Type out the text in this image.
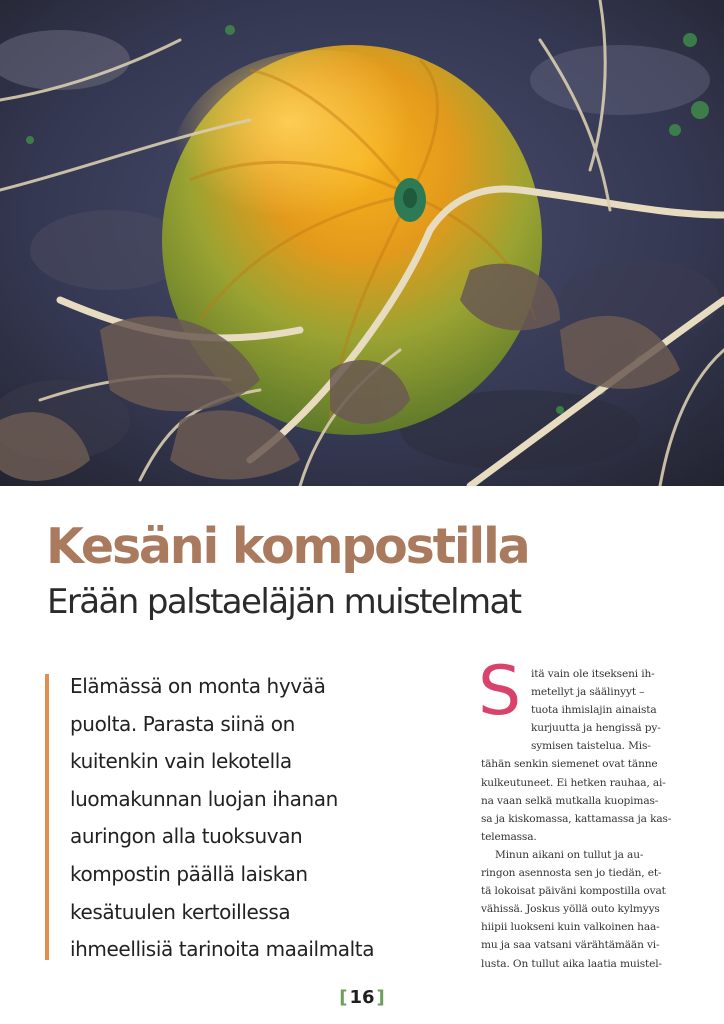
Kesäni kompostilla
Erään palstaeläjän muistelmat

Elämässä on monta hyvää
puolta. Parasta siinä on
kuitenkin vain lekotella
luomakunnan luojan ihanan
auringon alla tuoksuvan
kompostin päällä laiskan
kesätuulen kertoillessa
ihmeellisiä tarinoita maailmalta

S itä vain ole itsekseni ih-
metellyt ja säälinyyt –
tuota ihmislajin ainaista
kurjuutta ja hengissä py-
symisen taistelua. Mis-
tähän senkin siemenet ovat tänne
kulkeutuneet. Ei hetken rauhaa, ai-
na vaan selkä mutkalla kuopimas-
sa ja kiskomassa, kattamassa ja kas-
telemassa.
Minun aikani on tullut ja au-
ringon asennosta sen jo tiedän, et-
tä lokoisat päiväni kompostilla ovat
vähissä. Joskus yöllä outo kylmyys
hiipii luokseni kuin valkoinen haa-
mu ja saa vatsani värähtämään vi-
lusta. On tullut aika laatia muistel-
[ 16 ]
